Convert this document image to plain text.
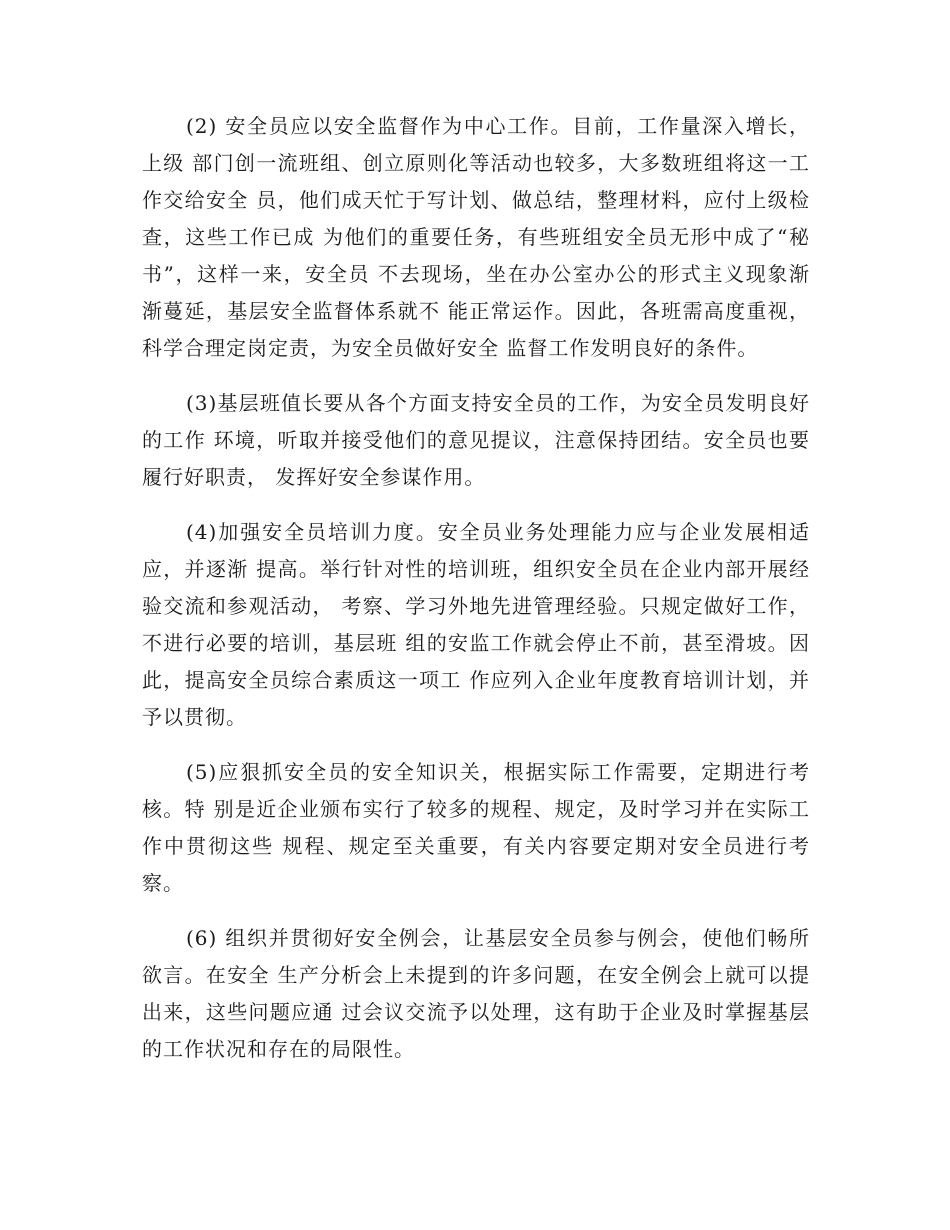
(2) 安全员应以安全监督作为中心工作。目前，工作量深入增长，上级 部门创一流班组、创立原则化等活动也较多，大多数班组将这一工作交给安全 员，他们成天忙于写计划、做总结，整理材料，应付上级检查，这些工作已成 为他们的重要任务，有些班组安全员无形中成了“秘书”，这样一来，安全员 不去现场，坐在办公室办公的形式主义现象渐渐蔓延，基层安全监督体系就不 能正常运作。因此，各班需高度重视，科学合理定岗定责，为安全员做好安全 监督工作发明良好的条件。

(3)基层班值长要从各个方面支持安全员的工作，为安全员发明良好的工作 环境，听取并接受他们的意见提议，注意保持团结。安全员也要履行好职责， 发挥好安全参谋作用。

(4)加强安全员培训力度。安全员业务处理能力应与企业发展相适应，并逐渐 提高。举行针对性的培训班，组织安全员在企业内部开展经验交流和参观活动， 考察、学习外地先进管理经验。只规定做好工作，不进行必要的培训，基层班 组的安监工作就会停止不前，甚至滑坡。因此，提高安全员综合素质这一项工 作应列入企业年度教育培训计划，并予以贯彻。

(5)应狠抓安全员的安全知识关，根据实际工作需要，定期进行考核。特 别是近企业颁布实行了较多的规程、规定，及时学习并在实际工作中贯彻这些 规程、规定至关重要，有关内容要定期对安全员进行考察。

(6) 组织并贯彻好安全例会，让基层安全员参与例会，使他们畅所欲言。在安全 生产分析会上未提到的许多问题，在安全例会上就可以提出来，这些问题应通 过会议交流予以处理，这有助于企业及时掌握基层的工作状况和存在的局限性。
